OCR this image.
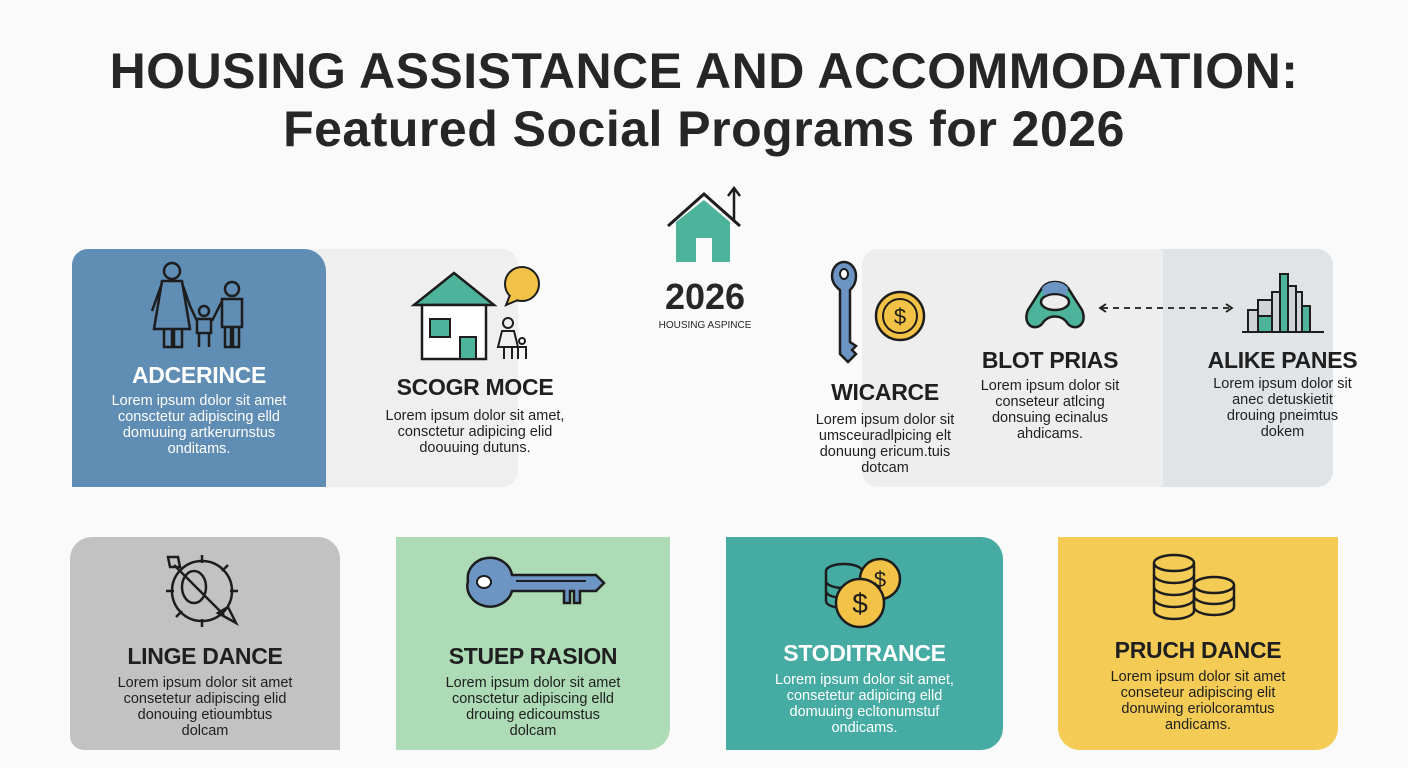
HOUSING ASSISTANCE AND ACCOMMODATION:
Featured Social Programs for 2026
ADCERINCE
Lorem ipsum dolor sit amet
consctetur adipiscing elld
domuuing artkerurnstus
onditams.
SCOGR MOCE
Lorem ipsum dolor sit amet,
consctetur adipicing elid
doouuing dutuns.
2026
HOUSING ASPINCE	$
WICARCE
Lorem ipsum dolor sit
umsceuradlpicing elt
donuung ericum.tuis
dotcam
BLOT PRIAS
Lorem ipsum dolor sit
conseteur atlcing
donsuing ecinalus
ahdicams.
ALIKE PANES
Lorem ipsum dolor sit
anec detuskietit
drouing pneimtus
dokem
LINGE DANCE
Lorem ipsum dolor sit amet
consetetur adipiscing elid
donouing etioumbtus
dolcam
STUEP RASION
Lorem ipsum dolor sit amet
consctetur adipiscing elld
drouing edicoumstus
dolcam
$
$
STODITRANCE
Lorem ipsum dolor sit amet,
consetetur adipicing elld
domuuing ecltonumstuf
ondicams.
PRUCH DANCE
Lorem ipsum dolor sit amet
conseteur adipiscing elit
donuwing eriolcoramtus
andicams.
